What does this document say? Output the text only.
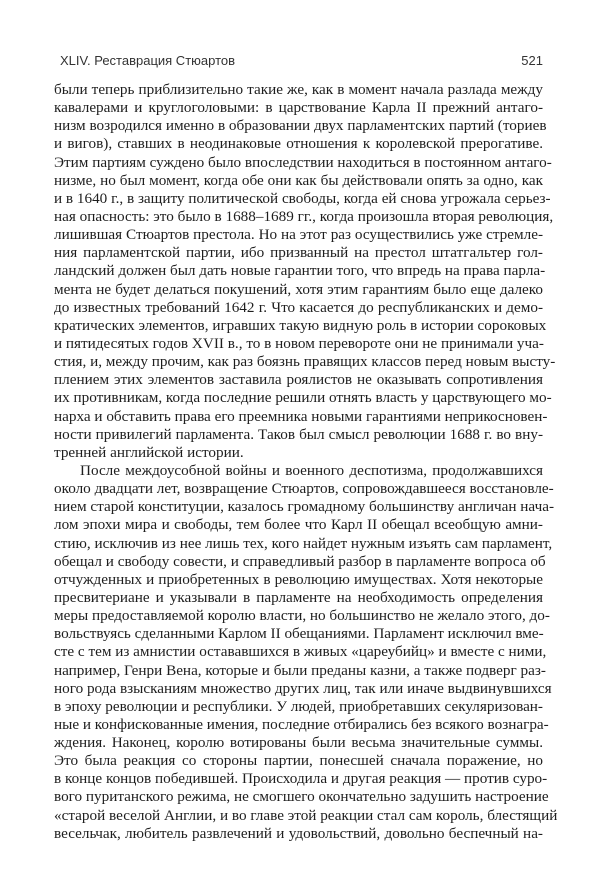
XLIV. Реставрация Стюартов	521
были теперь приблизительно такие же, как в момент начала разлада между
кавалерами и круглоголовыми: в царствование Карла II прежний антаго-
низм возродился именно в образовании двух парламентских партий (ториев
и вигов), ставших в неодинаковые отношения к королевской прерогативе.
Этим партиям суждено было впоследствии находиться в постоянном антаго-
низме, но был момент, когда обе они как бы действовали опять за одно, как
и в 1640 г., в защиту политической свободы, когда ей снова угрожала серьез-
ная опасность: это было в 1688–1689 гг., когда произошла вторая революция,
лишившая Стюартов престола. Но на этот раз осуществились уже стремле-
ния парламентской партии, ибо призванный на престол штатгальтер гол-
ландский должен был дать новые гарантии того, что впредь на права парла-
мента не будет делаться покушений, хотя этим гарантиям было еще далеко
до известных требований 1642 г. Что касается до республиканских и демо-
кратических элементов, игравших такую видную роль в истории сороковых
и пятидесятых годов XVII в., то в новом перевороте они не принимали уча-
стия, и, между прочим, как раз боязнь правящих классов перед новым высту-
плением этих элементов заставила роялистов не оказывать сопротивления
их противникам, когда последние решили отнять власть у царствующего мо-
нарха и обставить права его преемника новыми гарантиями неприкосновен-
ности привилегий парламента. Таков был смысл революции 1688 г. во вну-
тренней английской истории.
После междоусобной войны и военного деспотизма, продолжавшихся
около двадцати лет, возвращение Стюартов, сопровождавшееся восстановле-
нием старой конституции, казалось громадному большинству англичан нача-
лом эпохи мира и свободы, тем более что Карл II обещал всеобщую амни-
стию, исключив из нее лишь тех, кого найдет нужным изъять сам парламент,
обещал и свободу совести, и справедливый разбор в парламенте вопроса об
отчужденных и приобретенных в революцию имуществах. Хотя некоторые
пресвитериане и указывали в парламенте на необходимость определения
меры предоставляемой королю власти, но большинство не желало этого, до-
вольствуясь сделанными Карлом II обещаниями. Парламент исключил вме-
сте с тем из амнистии остававшихся в живых «цареубийц» и вместе с ними,
например, Генри Вена, которые и были преданы казни, а также подверг раз-
ного рода взысканиям множество других лиц, так или иначе выдвинувшихся
в эпоху революции и республики. У людей, приобретавших секуляризован-
ные и конфискованные имения, последние отбирались без всякого вознагра-
ждения. Наконец, королю вотированы были весьма значительные суммы.
Это была реакция со стороны партии, понесшей сначала поражение, но
в конце концов победившей. Происходила и другая реакция — против суро-
вого пуританского режима, не смогшего окончательно задушить настроение
«старой веселой Англии, и во главе этой реакции стал сам король, блестящий
весельчак, любитель развлечений и удовольствий, довольно беспечный на-
